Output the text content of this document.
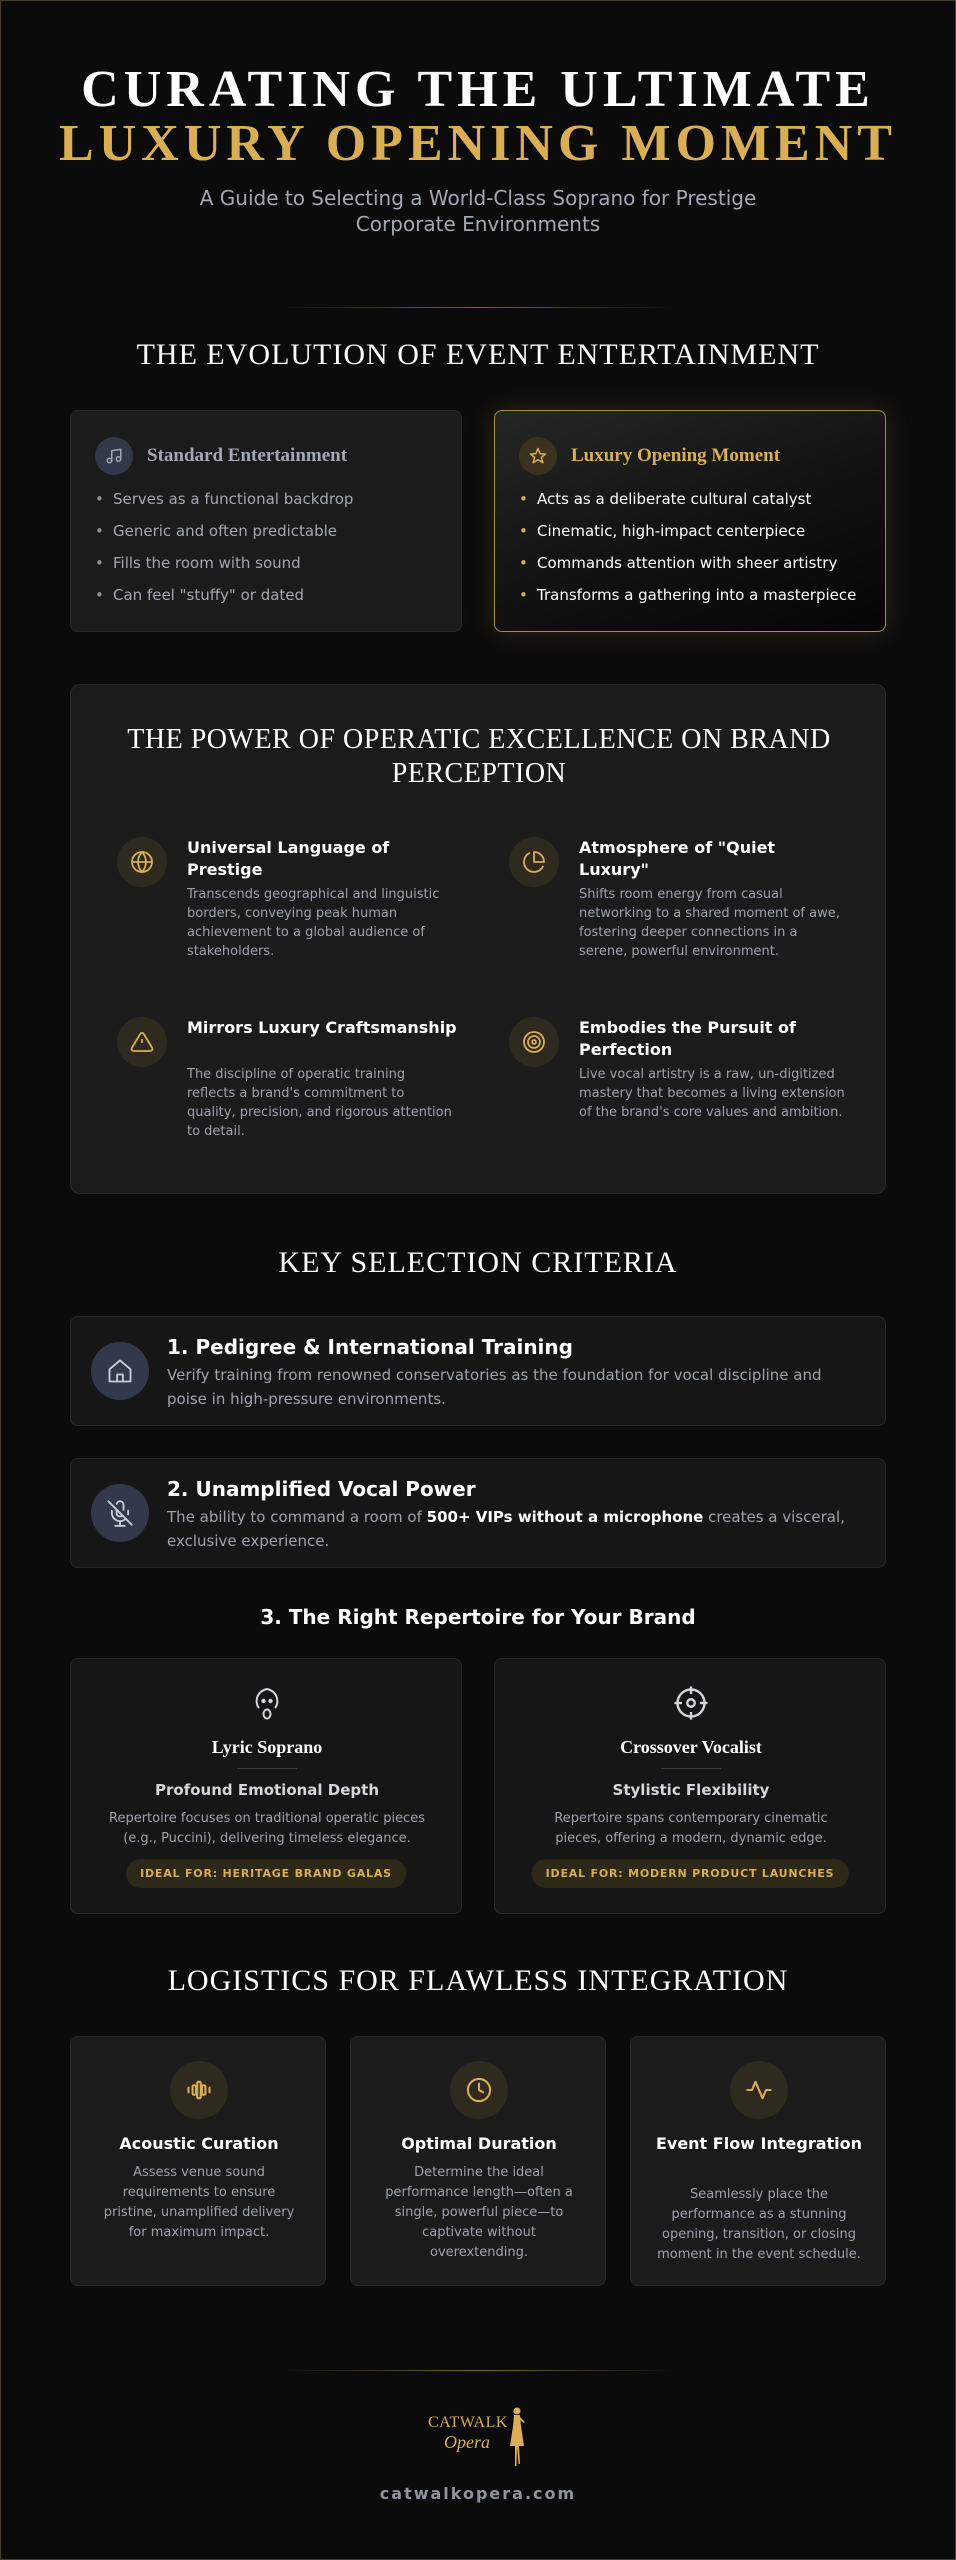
CURATING THE ULTIMATE
LUXURY OPENING MOMENT
A Guide to Selecting a World-Class Soprano for Prestige Corporate Environments
THE EVOLUTION OF EVENT ENTERTAINMENT
Standard Entertainment
• Serves as a functional backdrop
• Generic and often predictable
• Fills the room with sound
• Can feel "stuffy" or dated
Luxury Opening Moment
• Acts as a deliberate cultural catalyst
• Cinematic, high-impact centerpiece
• Commands attention with sheer artistry
• Transforms a gathering into a masterpiece
THE POWER OF OPERATIC EXCELLENCE ON BRAND PERCEPTION
Universal Language of Prestige
Transcends geographical and linguistic borders, conveying peak human achievement to a global audience of stakeholders.
Atmosphere of "Quiet Luxury"
Shifts room energy from casual networking to a shared moment of awe, fostering deeper connections in a serene, powerful environment.
Mirrors Luxury Craftsmanship
The discipline of operatic training reflects a brand's commitment to quality, precision, and rigorous attention to detail.
Embodies the Pursuit of Perfection
Live vocal artistry is a raw, un-digitized mastery that becomes a living extension of the brand's core values and ambition.
KEY SELECTION CRITERIA
1. Pedigree & International Training
Verify training from renowned conservatories as the foundation for vocal discipline and poise in high-pressure environments.
2. Unamplified Vocal Power
The ability to command a room of 500+ VIPs without a microphone creates a visceral, exclusive experience.
3. The Right Repertoire for Your Brand
Lyric Soprano
Profound Emotional Depth
Repertoire focuses on traditional operatic pieces (e.g., Puccini), delivering timeless elegance.
IDEAL FOR: HERITAGE BRAND GALAS
Crossover Vocalist
Stylistic Flexibility
Repertoire spans contemporary cinematic pieces, offering a modern, dynamic edge.
IDEAL FOR: MODERN PRODUCT LAUNCHES
LOGISTICS FOR FLAWLESS INTEGRATION
Acoustic Curation
Assess venue sound requirements to ensure pristine, unamplified delivery for maximum impact.
Optimal Duration
Determine the ideal performance length—often a single, powerful piece—to captivate without overextending.
Event Flow Integration
Seamlessly place the performance as a stunning opening, transition, or closing moment in the event schedule.
CATWALK
Opera
catwalkopera.com
